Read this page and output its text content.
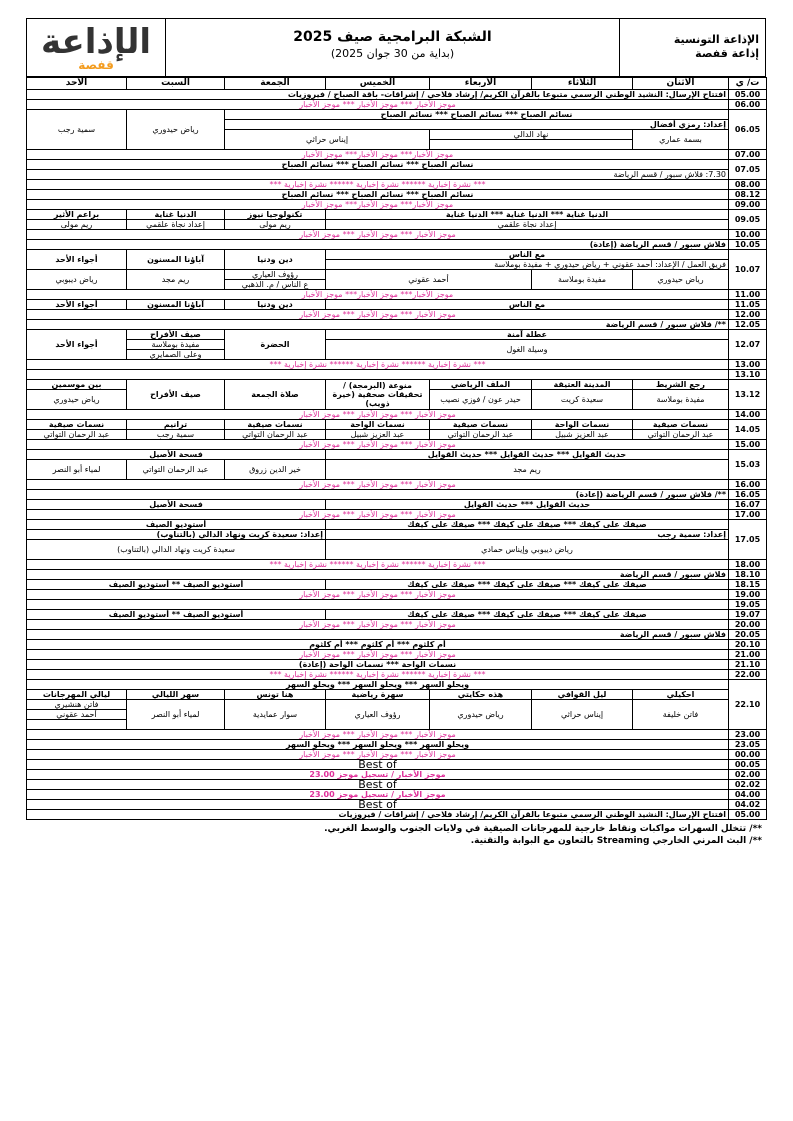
الإذاعة التونسية
إذاعة قفصة
الشبكة البرامجية صيف 2025
(بداية من 30 جوان 2025)
الإذاعة
قفصة
ت/ ي	الاثنان	الثلاثاء	الأربعاء	الخميس	الجمعة	السبت	الأحد
05.00	افتتاح الإرسال: النشيد الوطني الرسمي متبوعا بالقرآن الكريم/ إرشاد فلاحي / إشراقات- باقة الصباح / فيروزيات						
06.00	موجز الأخبار *** موجز الأخبار *** موجز الأخبار						
06.05	نسائم الصباح *** نسائم الصباح *** نسائم الصباح					رياض حيدوري	سمية رجب
	إعداد: رمزي أفضال						
	بسمة عماري	نهاد الدالي		إيناس حراثي			

07.00	موجز الأخبار*** موجز الأخبار*** موجز الأخبار						
07.05	نسائم الصباح *** نسائم الصباح *** نسائم الصباح						
	7.30: فلاش سبور / قسم الرياضة						
08.00	*** نشرة إخبارية ****** نشرة إخبارية ****** نشرة إخبارية ***						
08.12	نسائم الصباح *** نسائم الصباح *** نسائم الصباح						
09.00	موجز الأخبار*** موجز الأخبار*** موجز الأخبار						
09.05	الدنيا غناية *** الدنيا غناية *** الدنيا غناية				تكنولوجيا نيوز	الدنيا غناية	براعم الأثير
	إعداد نجاة علقمي				ريم مولى	إعداد نجاة علقمي	ريم مولى
10.00	موجز الأخبار *** موجز الأخبار *** موجز الأخبار						
10.05	فلاش سبور / قسم الرياضة (إعادة)						
10.07	مع الناس				دين ودنيا	آباؤنا المسنون	أجواء الأحد
	فريق العمل / الإعداد: أحمد عقوني + رياض حيدوري + مفيدة بوملاسة						
	رياض حيدوري	مفيدة بوملاسة	أحمد عقوني		رؤوف العياري	ريم مجد	رياض ديبوبي
					ع الناس / م. الذهبي		
11.00	موجز الأخبار*** موجز الأخبار*** موجز الأخبار						
11.05	مع الناس				دين ودنيا	آباؤنا المسنون	أجواء الأحد
12.00	موجز الأخبار *** موجز الأخبار *** موجز الأخبار						
12.05	**/ فلاش سبور / قسم الرياضة						
12.07	عطلة آمنة				الحضرة	صيف الأفراح	أجواء الأحد
	وسيلة الغول					مفيدة بوملاسة	
						وعلى الصمايري	
13.00	*** نشرة إخبارية ****** نشرة إخبارية ****** نشرة إخبارية ***						
13.10							
13.12	رجع الشريط	المدينة العتيقة	الملف الرياضي	منوعة (البرمجة) / تحقيقات صحفية (خيرة ذويب)	صلاة الجمعة	صيف الأفراح	بين موسمين
	مفيدة بوملاسة	سعيدة كريت	حيدر عون / فوزي نصيب				رياض حيدوري

14.00	موجز الأخبار *** موجز الأخبار *** موجز الأخبار						
14.05	نسمات صيفية	نسمات الواحة	نسمات صيفية	نسمات الواحة	نسمات صيفية	ترانيم	نسمات صيفية
	عبد الرحمان التواتي	عبد العزيز شبيل	عبد الرحمان التواتي	عبد العزيز شبيل	عبد الرحمان التواتي	سمية رجب	عبد الرحمان التواتي
15.00	موجز الأخبار *** موجز الأخبار *** موجز الأخبار						
15.03	حديث القوايل *** حديث القوايل *** حديث القوايل				فسحة الأصيل		
	ريم مجد				خير الدين زروق	عبد الرحمان التواتي	لمياء أبو النصر

16.00	موجز الأخبار *** موجز الأخبار *** موجز الأخبار						
16.05	**/ فلاش سبور / قسم الرياضة (إعادة)						
16.07	حديث القوايل *** حديث القوايل				فسحة الأصيل		
17.00	موجز الأخبار *** موجز الأخبار *** موجز الأخبار						
17.05	صيفك على كيفك *** صيفك على كيفك *** صيفك على كيفك				أستوديو الصيف		
	إعداد: سمية رجب				إعداد: سعيدة كريت ونهاد الدالي (بالتناوب)		
	رياض ديبوبي وإيناس حمادي				سعيدة كريت ونهاد الدالي (بالتناوب)		

18.00	*** نشرة إخبارية ****** نشرة إخبارية ****** نشرة إخبارية ***						
18.10	فلاش سبور / قسم الرياضة						
18.15	صيفك على كيفك *** صيفك على كيفك *** صيفك على كيفك				أستوديو الصيف ** أستوديو الصيف		
19.00	موجز الأخبار *** موجز الأخبار *** موجز الأخبار						
19.05							
19.07	صيفك على كيفك *** صيفك على كيفك *** صيفك على كيفك				أستوديو الصيف ** أستوديو الصيف		
20.00	موجز الأخبار *** موجز الأخبار *** موجز الأخبار						
20.05	فلاش سبور / قسم الرياضة						
20.10	أم كلثوم *** أم كلثوم *** أم كلثوم						
21.00	موجز الأخبار *** موجز الأخبار *** موجز الأخبار						
21.10	نسمات الواحة *** نسمات الواحة (إعادة)						
22.00	*** نشرة إخبارية ****** نشرة إخبارية ****** نشرة إخبارية ***						
22.10	ويحلو السهر *** ويحلو السهر *** ويحلو السهر						
	احكيلي	ليل القوافي	هذه حكايتي	سهرة رياضية	هنا تونس	سهر الليالي	ليالي المهرجانات
	فاتن خليفة	إيناس حراثي	رياض حيدوري	رؤوف العياري	سوار عمايدية	لمياء أبو النصر	فاتن هنشيري
							أحمد عقوني

23.00	موجز الأخبار *** موجز الأخبار *** موجز الأخبار						
23.05	ويحلو السهر *** ويحلو السهر *** ويحلو السهر						
00.00	موجز الأخبار *** موجز الأخبار *** موجز الأخبار						
00.05	Best of						
02.00	موجز الأخبار / تسجيل موجز 23.00						
02.02	Best of						
04.00	موجز الأخبار / تسجيل موجز 23.00						
04.02	Best of						
05.00	افتتاح الإرسال: النشيد الوطني الرسمي متبوعا بالقرآن الكريم/ إرشاد فلاحي / إشراقات / فيروزيات						
**/ تتخلل السهرات مواكبات ونقاط خارجية للمهرجانات الصيفية في ولايات الجنوب والوسط الغربي.
**/ البث المرني الخارجي Streaming بالتعاون مع البوابة والتقنية.
